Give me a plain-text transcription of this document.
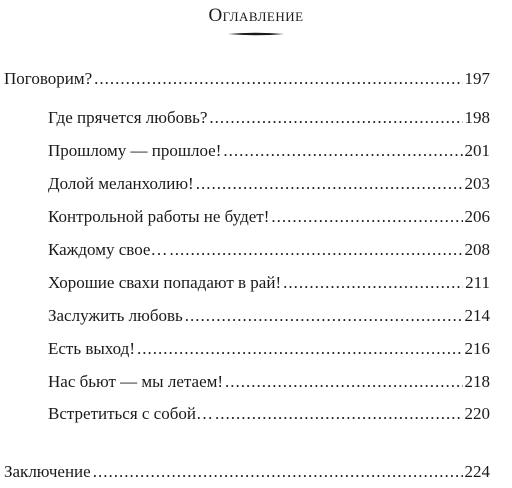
Оглавление
Поговорим? .....	197
Где прячется любовь? .....	198
Прошлому — прошлое! .....	201
Долой меланхолию! .....	203
Контрольной работы не будет! .....	206
Каждому свое… .....	208
Хорошие свахи попадают в рай! .....	211
Заслужить любовь .....	214
Есть выход! .....	216
Нас бьют — мы летаем! .....	218
Встретиться с собой… .....	220
Заключение .....	224
